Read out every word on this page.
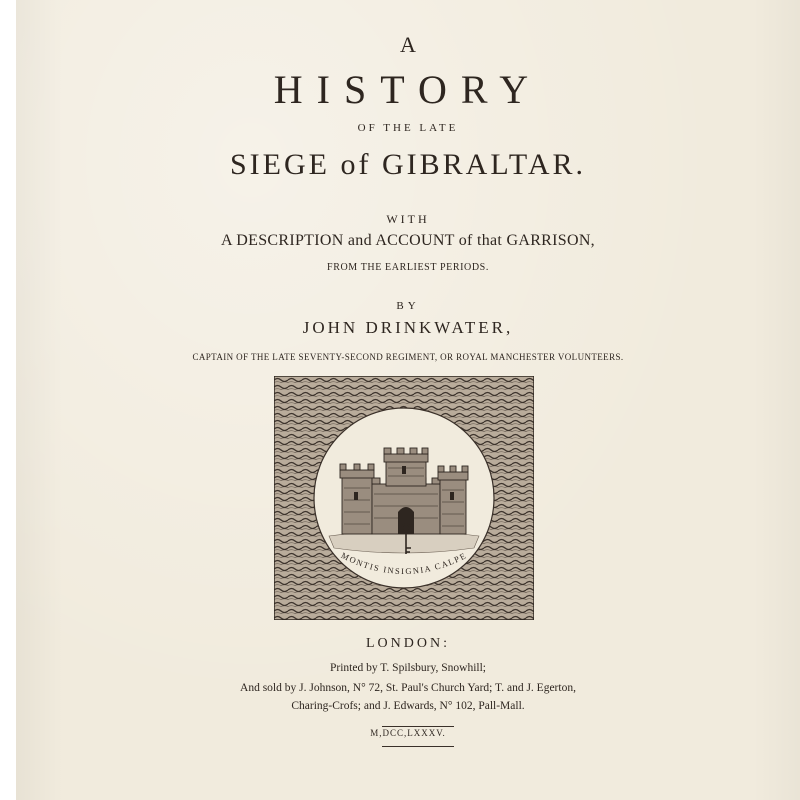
A
HISTORY
OF THE LATE
SIEGE of GIBRALTAR.
WITH
A DESCRIPTION and ACCOUNT of that GARRISON,
FROM THE EARLIEST PERIODS.
BY
JOHN DRINKWATER,
CAPTAIN OF THE LATE SEVENTY-SECOND REGIMENT, OR ROYAL MANCHESTER VOLUNTEERS.
MONTIS INSIGNIA CALPE
LONDON:
Printed by T. Spilsbury, Snowhill;
And sold by J. Johnson, N° 72, St. Paul's Church Yard; T. and J. Egerton,
Charing-Crofs; and J. Edwards, N° 102, Pall-Mall.
M,DCC,LXXXV.
